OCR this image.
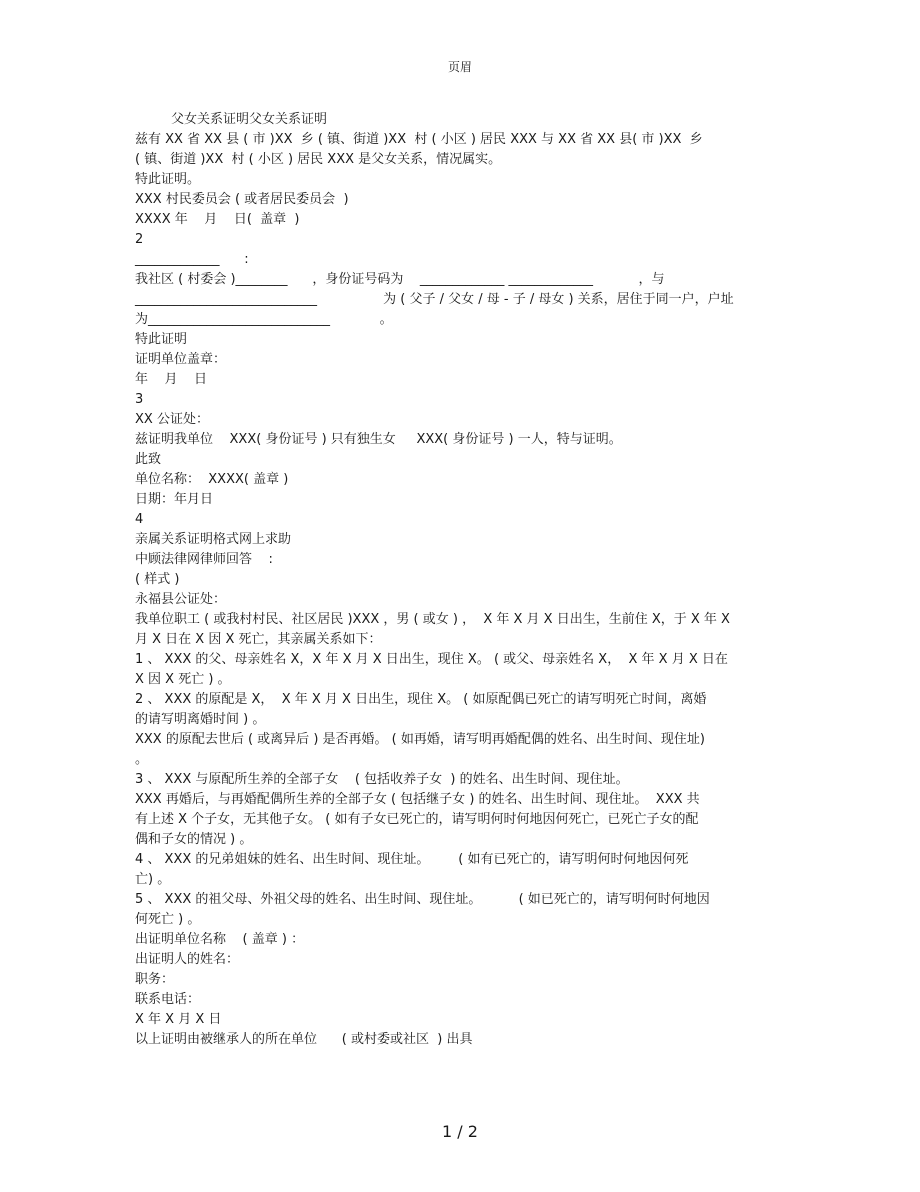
页眉
父女关系证明父女关系证明
兹有 XX 省 XX 县 ( 市 )XX  乡 ( 镇、街道 )XX  村 ( 小区 ) 居民 XXX 与 XX 省 XX 县( 市 )XX  乡
( 镇、街道 )XX  村 ( 小区 ) 居民 XXX 是父女关系，情况属实。
特此证明。
XXX 村民委员会 ( 或者居民委员会  )
XXXX 年    月    日(  盖章  )
2
_____________      :
我社区 ( 村委会 )________      ，身份证号码为    _____________ _____________           ，与
____________________________                为 ( 父子 / 父女 / 母 - 子 / 母女 ) 关系，居住于同一户，户址
为____________________________            。
特此证明
证明单位盖章：
年    月    日
3
XX 公证处：
兹证明我单位    XXX( 身份证号 ) 只有独生女     XXX( 身份证号 ) 一人，特与证明。
此致
单位名称：  XXXX( 盖章 )
日期：年月日
4
亲属关系证明格式网上求助
中顾法律网律师回答    :
( 样式 )
永福县公证处：
我单位职工 ( 或我村村民、社区居民 )XXX ，男 ( 或女 ) ，  X 年 X 月 X 日出生，生前住 X，于 X 年 X
月 X 日在 X 因 X 死亡，其亲属关系如下：
1 、 XXX 的父、母亲姓名 X，X 年 X 月 X 日出生，现住 X。 ( 或父、母亲姓名 X，  X 年 X 月 X 日在
X 因 X 死亡 ) 。
2 、 XXX 的原配是 X，  X 年 X 月 X 日出生，现住 X。 ( 如原配偶已死亡的请写明死亡时间，离婚
的请写明离婚时间 ) 。
XXX 的原配去世后 ( 或离异后 ) 是否再婚。 ( 如再婚，请写明再婚配偶的姓名、出生时间、现住址)
。
3 、 XXX 与原配所生养的全部子女    ( 包括收养子女  ) 的姓名、出生时间、现住址。
XXX 再婚后，与再婚配偶所生养的全部子女 ( 包括继子女 ) 的姓名、出生时间、现住址。  XXX 共
有上述 X 个子女，无其他子女。 ( 如有子女已死亡的，请写明何时何地因何死亡，已死亡子女的配
偶和子女的情况 ) 。
4 、 XXX 的兄弟姐妹的姓名、出生时间、现住址。       ( 如有已死亡的，请写明何时何地因何死
亡) 。
5 、 XXX 的祖父母、外祖父母的姓名、出生时间、现住址。         ( 如已死亡的，请写明何时何地因
何死亡 ) 。
出证明单位名称    ( 盖章 ) ：
出证明人的姓名：
职务：
联系电话：
X 年 X 月 X 日
以上证明由被继承人的所在单位      ( 或村委或社区  ) 出具
1 / 2
